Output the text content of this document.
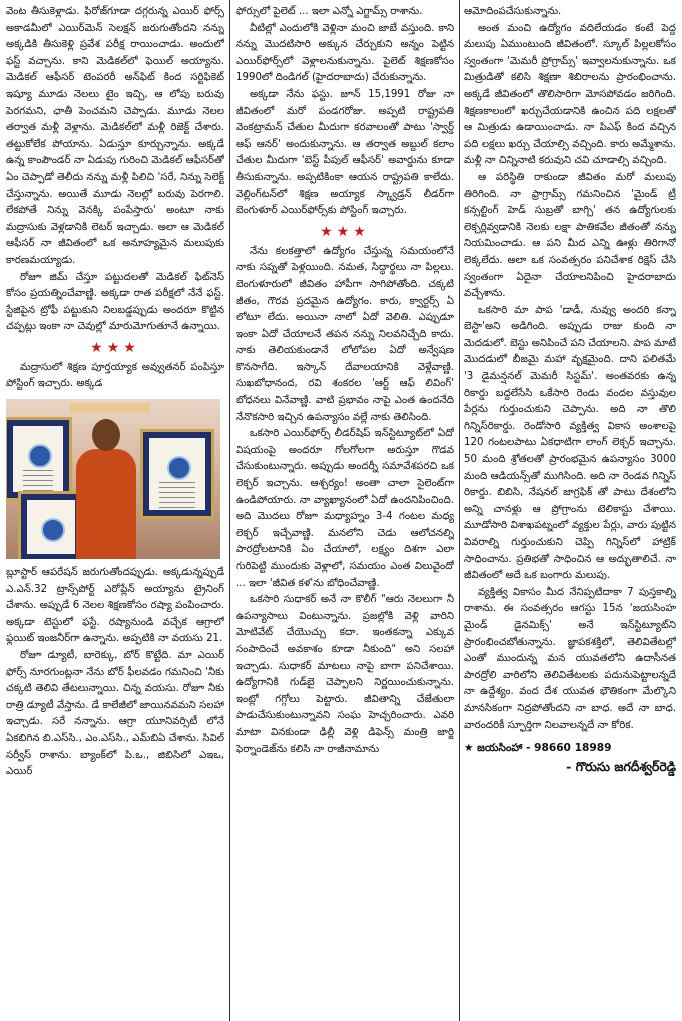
వెంట తీసుకెళ్లాడు. ఫిరోజ్‌గూడా దగ్గరున్న ఎయిర్ ఫోర్స్ అకాడమీలో ఎయిర్‌మెన్ సెలక్షన్ జరుగుతోందని నన్ను అక్కడికి తీసుకెళ్లి ప్రవేశ పరీక్ష రాయించాడు. అందులో ఫస్ట్ వచ్చాను. కాని మెడికల్‌లో ఫెయిల్ అయ్యాను. మెడికల్ ఆఫీసర్ టెంపరరీ అన్‌ఫిట్ కింద సర్టిఫికెట్ ఇష్యూ మూడు నెలలు టైం ఇచ్చి, ఆ లోపు బరువు పెరగమని, ఛాతీ పెంచమని చెప్పాడు. మూడు నెలల తర్వాత మళ్లీ వెళ్లాను. మెడికల్‌లో మళ్లీ రిజెక్ట్ చేశారు. తట్టుకోలేక పోయాను. ఏడుస్తూ కూర్చున్నాను. అక్కడే ఉన్న కాంపౌండర్ నా ఏడుపు గురించి మెడికల్ ఆఫీసర్‌తో ఏం చెప్పాడో తెలీదు నన్ను మళ్లీ పిలిచి 'సరే, నిన్ను సెలెక్ట్ చేస్తున్నాను. అయితే మూడు నెలల్లో బరువు పెరగాలి. లేకపోతే నిన్ను వెనక్కి పంపేస్తారు' అంటూ నాకు మద్రాసుకు వెళ్లడానికి లెటర్ ఇచ్చాడు. అలా ఆ మెడికల్ ఆఫీసర్ నా జీవితంలో ఒక అనూహ్యమైన మలుపుకు కారణమయ్యాడు.

రోజూ జిమ్ చేస్తూ పట్టుదలతో మెడికల్ ఫిట్‌నెస్ కోసం ప్రయత్నించేవాణ్ణి. అక్కడా రాత పరీక్షలో నేనే ఫస్ట్. స్టేజిపైన ట్రోఫీ పట్టుకుని నిలబడ్డప్పుడు అందరూ కొట్టిన చప్పట్లు ఇంకా నా చెవుల్లో మారుమోగుతూనే ఉన్నాయి.

★★★

మద్రాసులో శిక్షణ పూర్తయ్యాక అవ్వుతనర్ పంపిస్తూ పోస్టింగ్ ఇచ్చారు. అక్కడ

బ్లూస్టార్ ఆపరేషన్ జరుగుతోందప్పుడు. అక్కడున్నప్పుడే ఎ.ఎన్.32 ట్రాన్స్‌పోర్ట్ ఎరోప్లేన్ అయ్యాను ట్రైనింగ్ చేశాను. అప్పుడే 6 నెలల శిక్షణకోసం రష్యా పంపించారు. అక్కడా టెస్టులో ఫస్టే. రష్యానుండి వచ్చేక ఆగ్రాలో ఫ్లయిట్ ఇంజనీర్‌గా ఉన్నాను. అప్పటికి నా వయసు 21.

రోజూ డ్యూటీ, బారెక్కు, బోర్ కొట్టేది. మా ఎయిర్ ఫోర్స్ నూరగుంట్లనా నేను బోర్ ఫీలవడం గమనించి 'నీకు చక్కటి తెలివి తేటలున్నాయి. చిన్న వయసు. రోజూ నీకు రాత్రి డ్యూటీ వేస్తాను. డే కాలేజీలో జాయినవమని సలహా ఇచ్చాడు. సరే నన్నాను. ఆగ్రా యూనివర్సిటీ లోనే ఏకబిగిన బి.ఎస్‌సి., ఎం.ఎస్‌సి., ఎమ్‌బిఏ చేశాను. సివిల్ సర్వీస్ రాశాను. బ్యాంక్‌లో పి.ఒ., జిబిసిలో ఎఇఒ, ఎయిర్

ఫోర్సులో పైలెట్ ... ఇలా ఎన్నో ఎగ్జామ్స్ రాశాను.

వీటిల్లో ఎందులోకి వెళ్లినా మంచి జాబే వస్తుంది. కాని నన్ను మొదటిసారి అక్కున చేర్చుకుని అన్నం పెట్టిన ఎయిర్‌ఫోర్స్‌లో వెళ్లాలనుకున్నాను. పైలెట్ శిక్షణకోసం 1990లో దిండిగల్ (హైదరాబాదు) చేరుకున్నాను.

అక్కడా నేను ఫస్టు. జూన్ 15,1991 రోజు నా జీవితంలో మరో పండగరోజు. అప్పటి రాష్ట్రపతి వెంకట్రామన్ చేతుల మీదుగా కరవాలంతో పాటు 'స్వార్డ్ ఆఫ్ ఆనర్' అందుకున్నాను. ఆ తర్వాత అబ్దుల్ కలాం చేతుల మీదుగా 'బెస్ట్ పీపుల్ ఆఫీసర్' అవార్డును కూడా తీసుకున్నాను. అప్పటికింకా ఆయన రాష్ట్రపతి కాలేదు. వెల్లింగ్‌టన్‌లో శిక్షణ అయ్యాక స్క్వాడ్రన్ లీడర్‌గా బెంగుళూర్ ఎయిర్‌ఫోర్స్‌కు పోస్టింగ్ ఇచ్చారు.

★★★

నేను కలకత్తాలో ఉద్యోగం చేస్తున్న సమయంలోనే నాకు సప్నతో పెళ్లయింది. నమత, సిద్ధార్థలు నా పిల్లలు. బెంగుళూరులో జీవితం హాపీగా సాగిపోతోంది. చక్కటి జీతం, గౌరవ ప్రదమైన ఉద్యోగం. కారు, క్వార్టర్స్ ఏ లోటూ లేదు. అయినా నాలో ఏదో వెలితి. ఎప్పుడూ ఇంకా ఏదో చేయాలనే తపన నన్ను నిలవనిచ్చేది కాదు. నాకు తెలియకుండానే లోలోపల ఏదో అన్వేషణ కొనసాగేది. ఇస్కాన్ దేవాలయానికి వెళ్లేవాణ్ణి. సుఖబోధానంద, రవి శంకరల 'ఆర్ట్ ఆఫ్ లివింగ్' బోధనలు వినేవాణ్ణి. వాటి ప్రభావం నాపై ఎంత ఉందనేది నేనొకసారి ఇచ్చిన ఉపన్యాసం వల్లే నాకు తెలిసింది.

ఒకసారి ఎయిర్‌ఫోర్స్ లీడర్‌షిప్ ఇన్‌స్టిట్యూట్‌లో ఏదో విషయంపై అందరూ గోలగోలగా అరుస్తూ గొడవ చేసుకుంటున్నారు. అప్పుడు అందర్నీ సమావేశపరచి ఒక లెక్చర్ ఇచ్చాను. ఆశ్చర్యం! అంతా చాలా సైలెంట్‌గా ఉండిపోయారు. నా వ్యాఖ్యానంలో ఏదో ఉందనిపించింది. అది మొదలు రోజూ మధ్యాహ్నం 3-4 గంటల మధ్య లెక్చర్ ఇచ్చేవాణ్ణి. మనలోని చెడు ఆలోచనల్ని పారద్రోలటానికి ఏం చేయాలో, లక్ష్యం దిశ‌‌గా ఎలా గురిపెట్టి ముందుకు వెళ్లాలో, సమయం ఎంత విలువైందో ... ఇలా 'జీవిత కళ'ను బోధించేవాణ్ణి.

ఒకసారి సుధాకర్ అనే నా కొలీగ్ "ఆరు నెలలుగా నీ ఉపన్యాసాలు వింటున్నాను. ప్రజల్లోకి వెళ్లి వారిని మోటివేట్ చేయొచ్చు కదా. ఇంతకన్నా ఎక్కువ సంపాదించే అవకాశం కూడా నీకుంది" అని సలహా ఇచ్చాడు. సుధాకర్ మాటలు నాపై బాగా పనిచేశాయి. ఉద్యోగానికి గుడ్‌బై చెప్పాలని నిర్ణయించుకున్నాను. ఇంట్లో గగ్గోలు పెట్టారు. జీవితాన్ని చేజేతులా పాడుచేసుకుంటున్నావని సంఘ హెచ్చరించారు. ఎవరి మాటా వినకుండా ఢిల్లీ వెళ్లి డిఫెన్స్ మంత్రి జార్జి ఫెర్నాండెజ్‌ను కలిసి నా రాజీనామాను

ఆమోదింపచేసుకున్నాను.

అంత మంచి ఉద్యోగం వదిలేయడం కంటే పెద్ద మలుపు ఏముంటుంది జీవితంలో. స్కూల్ పిల్లలకోసం స్వంతంగా 'మెమరీ ప్రోగ్రామ్స్' ఇవ్వాలనుకున్నాను. ఒక మిత్రుడితో కలిసి శిక్షణా శిబిరాలను ప్రారంభించాను. అక్కడే జీవితంలో తొలిసారిగా మోసపోవడం జరిగింది. శిక్షణకాలంలో ఖర్చుచేయడానికి ఉంచిన పది లక్షలతో ఆ మిత్రుడు ఉడాయించాడు. నా పిఎఫ్ కింద వచ్చిన పది లక్షలు ఖర్చు చేయాల్సి వచ్చింది. కారు అమ్మేశాను. మళ్లీ నా చిన్నినాటి కరువుని చవి చూడాల్సి వచ్చింది.

ఆ పరిస్థితి రాకుండా జీవితం మరో మలుపు తిరిగింది. నా ఫ్రాగ్రామ్స్ గమనించిన 'మైండ్ ట్రీ కన్సల్టింగ్ హెడ్ సుబ్రతో బాగ్చి' తన ఉద్యోగులకు లెక్చర్లివ్వడానికి నెలకు లక్షా పాతికవేల జీతంతో నన్ను నియమించాడు. ఆ పని మీద ఎన్ని ఊళ్లు తిరిగానో లెక్కలేదు. అలా ఒక సంవత్సరం పనిచేశాక రిక్షెస్ చేసి స్వంతంగా ఏదైనా చేయాలనిపించి హైదరాబాదు వచ్చేశాను.

ఒకసారి మా పాప 'డాడీ, నువ్వు అందరి కన్నా బెస్టా'అని అడిగింది. అప్పుడు రాజు కుంది నా మెదడులో. బెస్టు అనిపించే పని చేయాలని. పాప మాటే మొదడులో బీజమై మహా వృక్షమైంది. దాని ఫలితమే '3 డైమన్షనల్ మెమరీ సిస్టమ్'. అంతవరకు ఉన్న రికార్డు బద్దలేసేసి ఒకేసారి రెండు వందల వస్తువుల పేర్లను గుర్తుంచుకుని చెప్పాను. అది నా తొలి గిన్నిస్‌రికార్డు. రెండోసారి వ్యక్తిత్వ వికాస అంశాలపై 120 గంటలపాటు ఏకధాటిగా లాంగ్ లెక్చర్ ఇచ్చాను. 50 మంది శ్రోతలతో ప్రారంభమైన ఉపన్యాసం 3000 మంది ఆడియన్స్‌తో ముగిసింది. అది నా రెండవ గిన్నిస్ రికార్డు. బిబిసి, నేషనల్ జాగ్రఫిక్ తో పాటు దేశంలోని అన్ని చానళ్లు ఆ ప్రోగ్రాంను టెలికాస్టు చేశాయి. మూడోసారి విశాఖపట్నంలో వ్యక్తుల పేర్లు, వారు పుట్టిన వివరాల్ని గుర్తుంచుకుని చెప్పి గిన్నిస్‌లో హాట్రిక్ సాధించాను. ప్రతిభతో సాధించిన ఆ అద్భుతాలిచే. నా జీవితంలో అదే ఒక బంగారు మలుపు.

వ్యక్తిత్వ వికాసం మీద నేనిప్పటిదాకా 7 పుస్తకాల్ని రాశాను. ఈ సంవత్సరం ఆగస్టు 15న 'జయసింహ మైండ్ డైనమిక్స్' అనే ఇన్‌స్టిట్యూట్‌ని ప్రారంభించబోతున్నాను. జ్ఞాపకశక్తిలో, తెలివితేటల్లో ఎంతో ముందున్న మన యువతలోని ఉదాసీనత పారద్రోలి వారిలోని తెలివితేటలకు పదునుపెట్టాలన్నదే నా ఉద్దేశ్యం. వంద దేశ యువత భౌతికంగా మేల్కొని మానసికంగా నిద్రపోతోందని నా బాధ. అదే నా బాధ. వారందరికీ స్ఫూర్తిగా నిలవాలన్నదే నా కోరిక.

★ జయసింహా - 98660 18989
- గొరుసు జగదీశ్వర్‌రెడ్డి
